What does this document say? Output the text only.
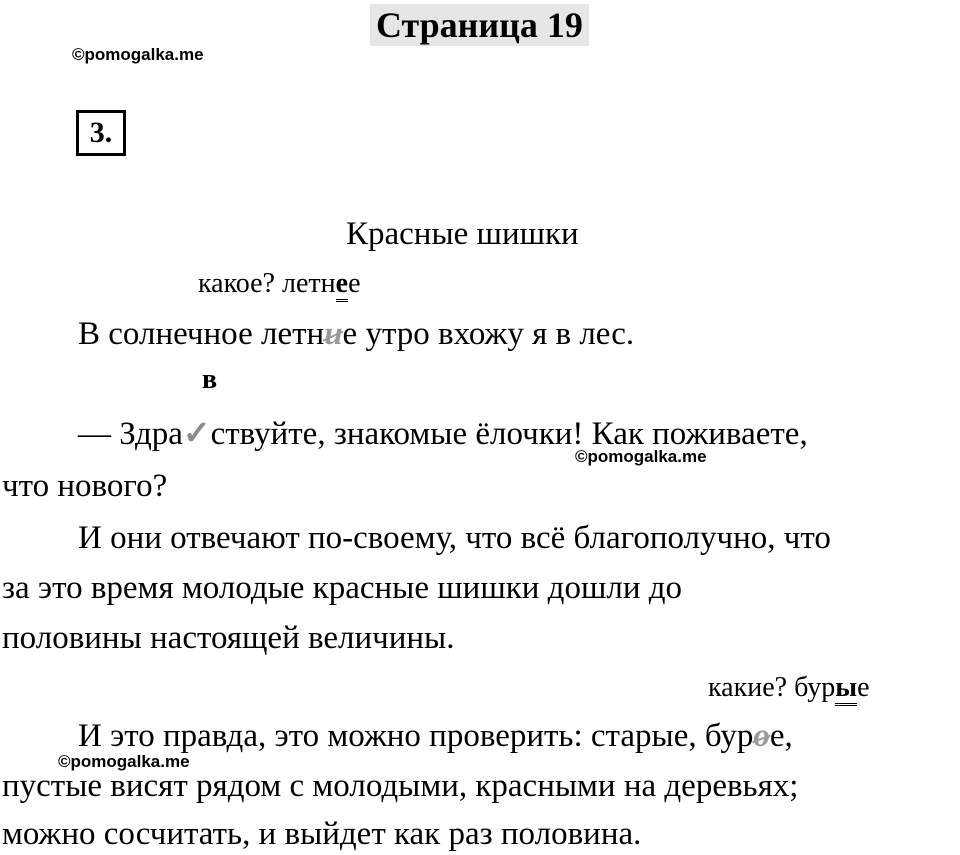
Страница 19
©pomogalka.me
3.
Красные шишки
какое? летнее
В солнечное летние утро вхожу я в лес.
в
— Здра✓ствуйте, знакомые ёлочки! Как поживаете,
©pomogalka.me
что нового?
И они отвечают по-своему, что всё благополучно, что
за это время молодые красные шишки дошли до
половины настоящей величины.
какие? бурые
И это правда, это можно проверить: старые, бурое,
©pomogalka.me
пустые висят рядом с молодыми, красными на деревьях;
можно сосчитать, и выйдет как раз половина.
